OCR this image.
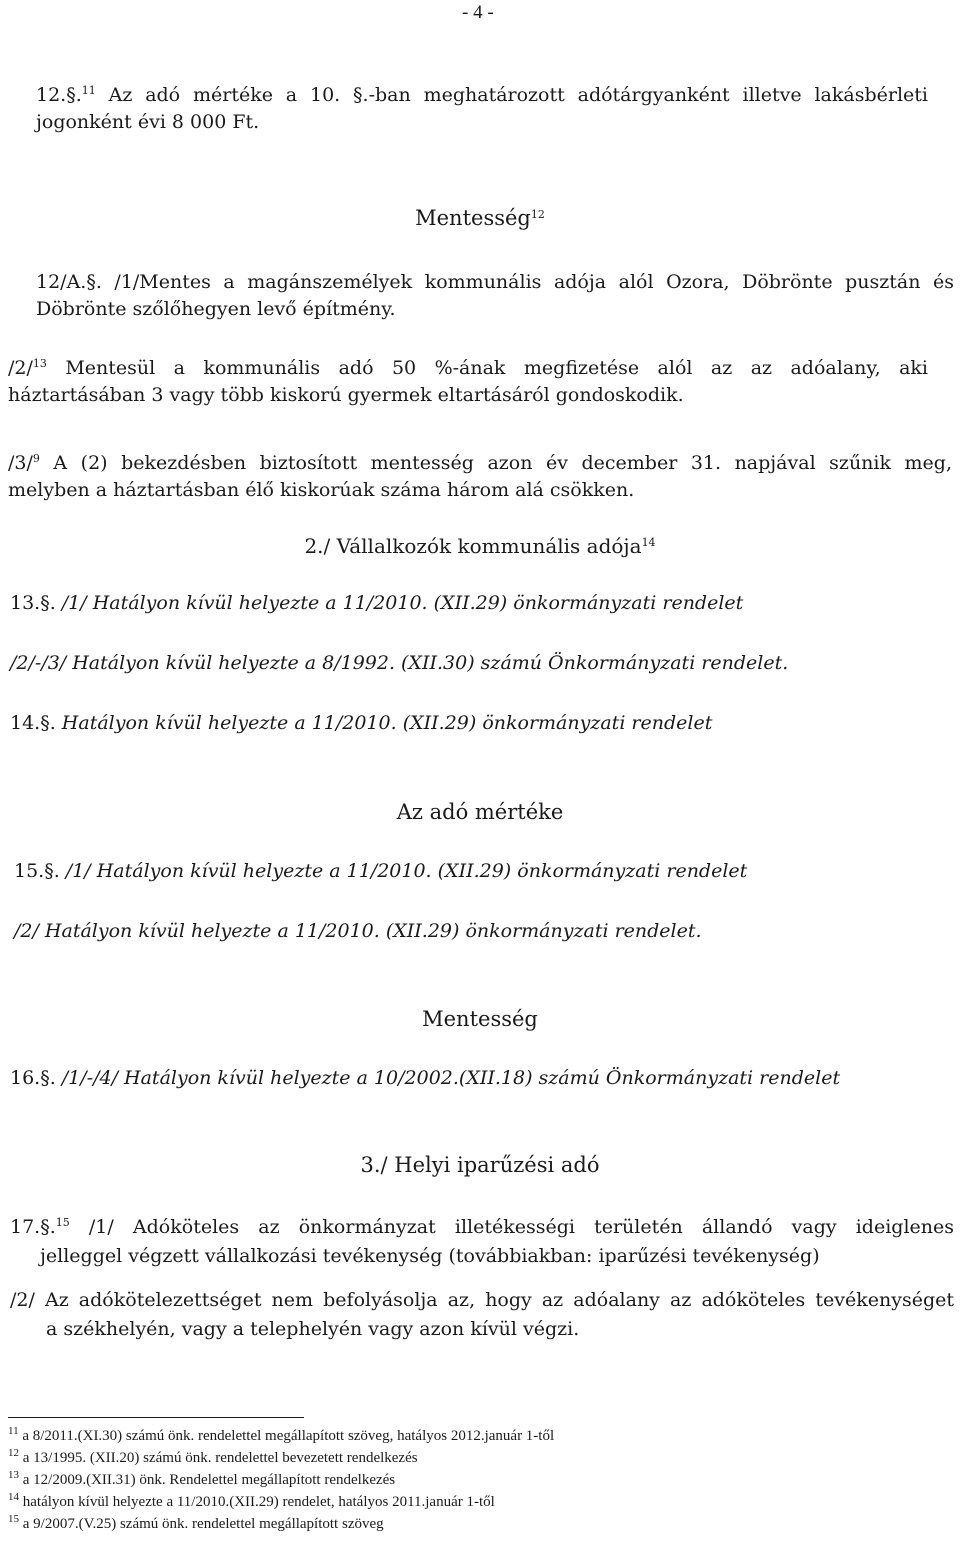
- 4 -
12.§.$^{11}$ Az adó mértéke a 10. §.-ban meghatározott adótárgyanként illetve lakásbérleti
jogonként évi 8 000 Ft.
Mentesség$^{12}$
12/A.§. /1/Mentes a magánszemélyek kommunális adója alól Ozora, Döbrönte pusztán és
Döbrönte szőlőhegyen levő építmény.
/2/$^{13}$ Mentesül a kommunális adó 50 %-ának megfizetése alól az az adóalany, aki
háztartásában 3 vagy több kiskorú gyermek eltartásáról gondoskodik.
/3/$^9$ A (2) bekezdésben biztosított mentesség azon év december 31. napjával szűnik meg,
melyben a háztartásban élő kiskorúak száma három alá csökken.
2./ Vállalkozók kommunális adója$^{14}$
13.§. /1/ Hatályon kívül helyezte a 11/2010. (XII.29) önkormányzati rendelet
/2/-/3/ Hatályon kívül helyezte a 8/1992. (XII.30) számú Önkormányzati rendelet.
14.§. Hatályon kívül helyezte a 11/2010. (XII.29) önkormányzati rendelet
Az adó mértéke
15.§. /1/ Hatályon kívül helyezte a 11/2010. (XII.29) önkormányzati rendelet
/2/ Hatályon kívül helyezte a 11/2010. (XII.29) önkormányzati rendelet.
Mentesség
16.§. /1/-/4/ Hatályon kívül helyezte a 10/2002.(XII.18) számú Önkormányzati rendelet
3./ Helyi iparűzési adó
17.§.$^{15}$ /1/ Adóköteles az önkormányzat illetékességi területén állandó vagy ideiglenes
jelleggel végzett vállalkozási tevékenység (továbbiakban: iparűzési tevékenység)
/2/ Az adókötelezettséget nem befolyásolja az, hogy az adóalany az adóköteles tevékenységet
a székhelyén, vagy a telephelyén vagy azon kívül végzi.
$^{11}$ a 8/2011.(XI.30) számú önk. rendelettel megállapított szöveg, hatályos 2012.január 1-től
$^{12}$ a 13/1995. (XII.20) számú önk. rendelettel bevezetett rendelkezés
$^{13}$ a 12/2009.(XII.31) önk. Rendelettel megállapított rendelkezés
$^{14}$ hatályon kívül helyezte a 11/2010.(XII.29) rendelet, hatályos 2011.január 1-től
$^{15}$ a 9/2007.(V.25) számú önk. rendelettel megállapított szöveg
